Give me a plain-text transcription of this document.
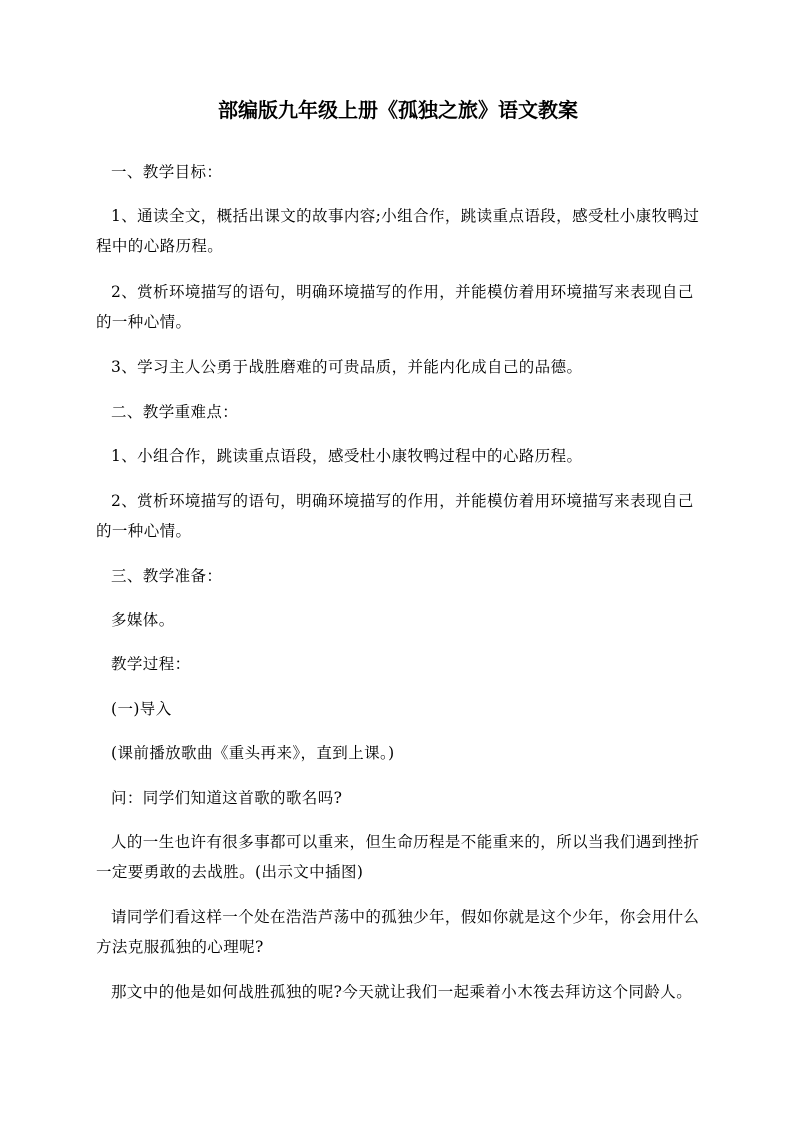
部编版九年级上册《孤独之旅》语文教案

一、教学目标：

1、通读全文，概括出课文的故事内容;小组合作，跳读重点语段，感受杜小康牧鸭过程中的心路历程。

2、赏析环境描写的语句，明确环境描写的作用，并能模仿着用环境描写来表现自己的一种心情。

3、学习主人公勇于战胜磨难的可贵品质，并能内化成自己的品德。

二、教学重难点：

1、小组合作，跳读重点语段，感受杜小康牧鸭过程中的心路历程。

2、赏析环境描写的语句，明确环境描写的作用，并能模仿着用环境描写来表现自己的一种心情。

三、教学准备：

多媒体。

教学过程：

(一)导入

(课前播放歌曲《重头再来》，直到上课。)

问：同学们知道这首歌的歌名吗?

人的一生也许有很多事都可以重来，但生命历程是不能重来的，所以当我们遇到挫折一定要勇敢的去战胜。(出示文中插图)

请同学们看这样一个处在浩浩芦荡中的孤独少年，假如你就是这个少年，你会用什么方法克服孤独的心理呢?

那文中的他是如何战胜孤独的呢?今天就让我们一起乘着小木筏去拜访这个同龄人。
